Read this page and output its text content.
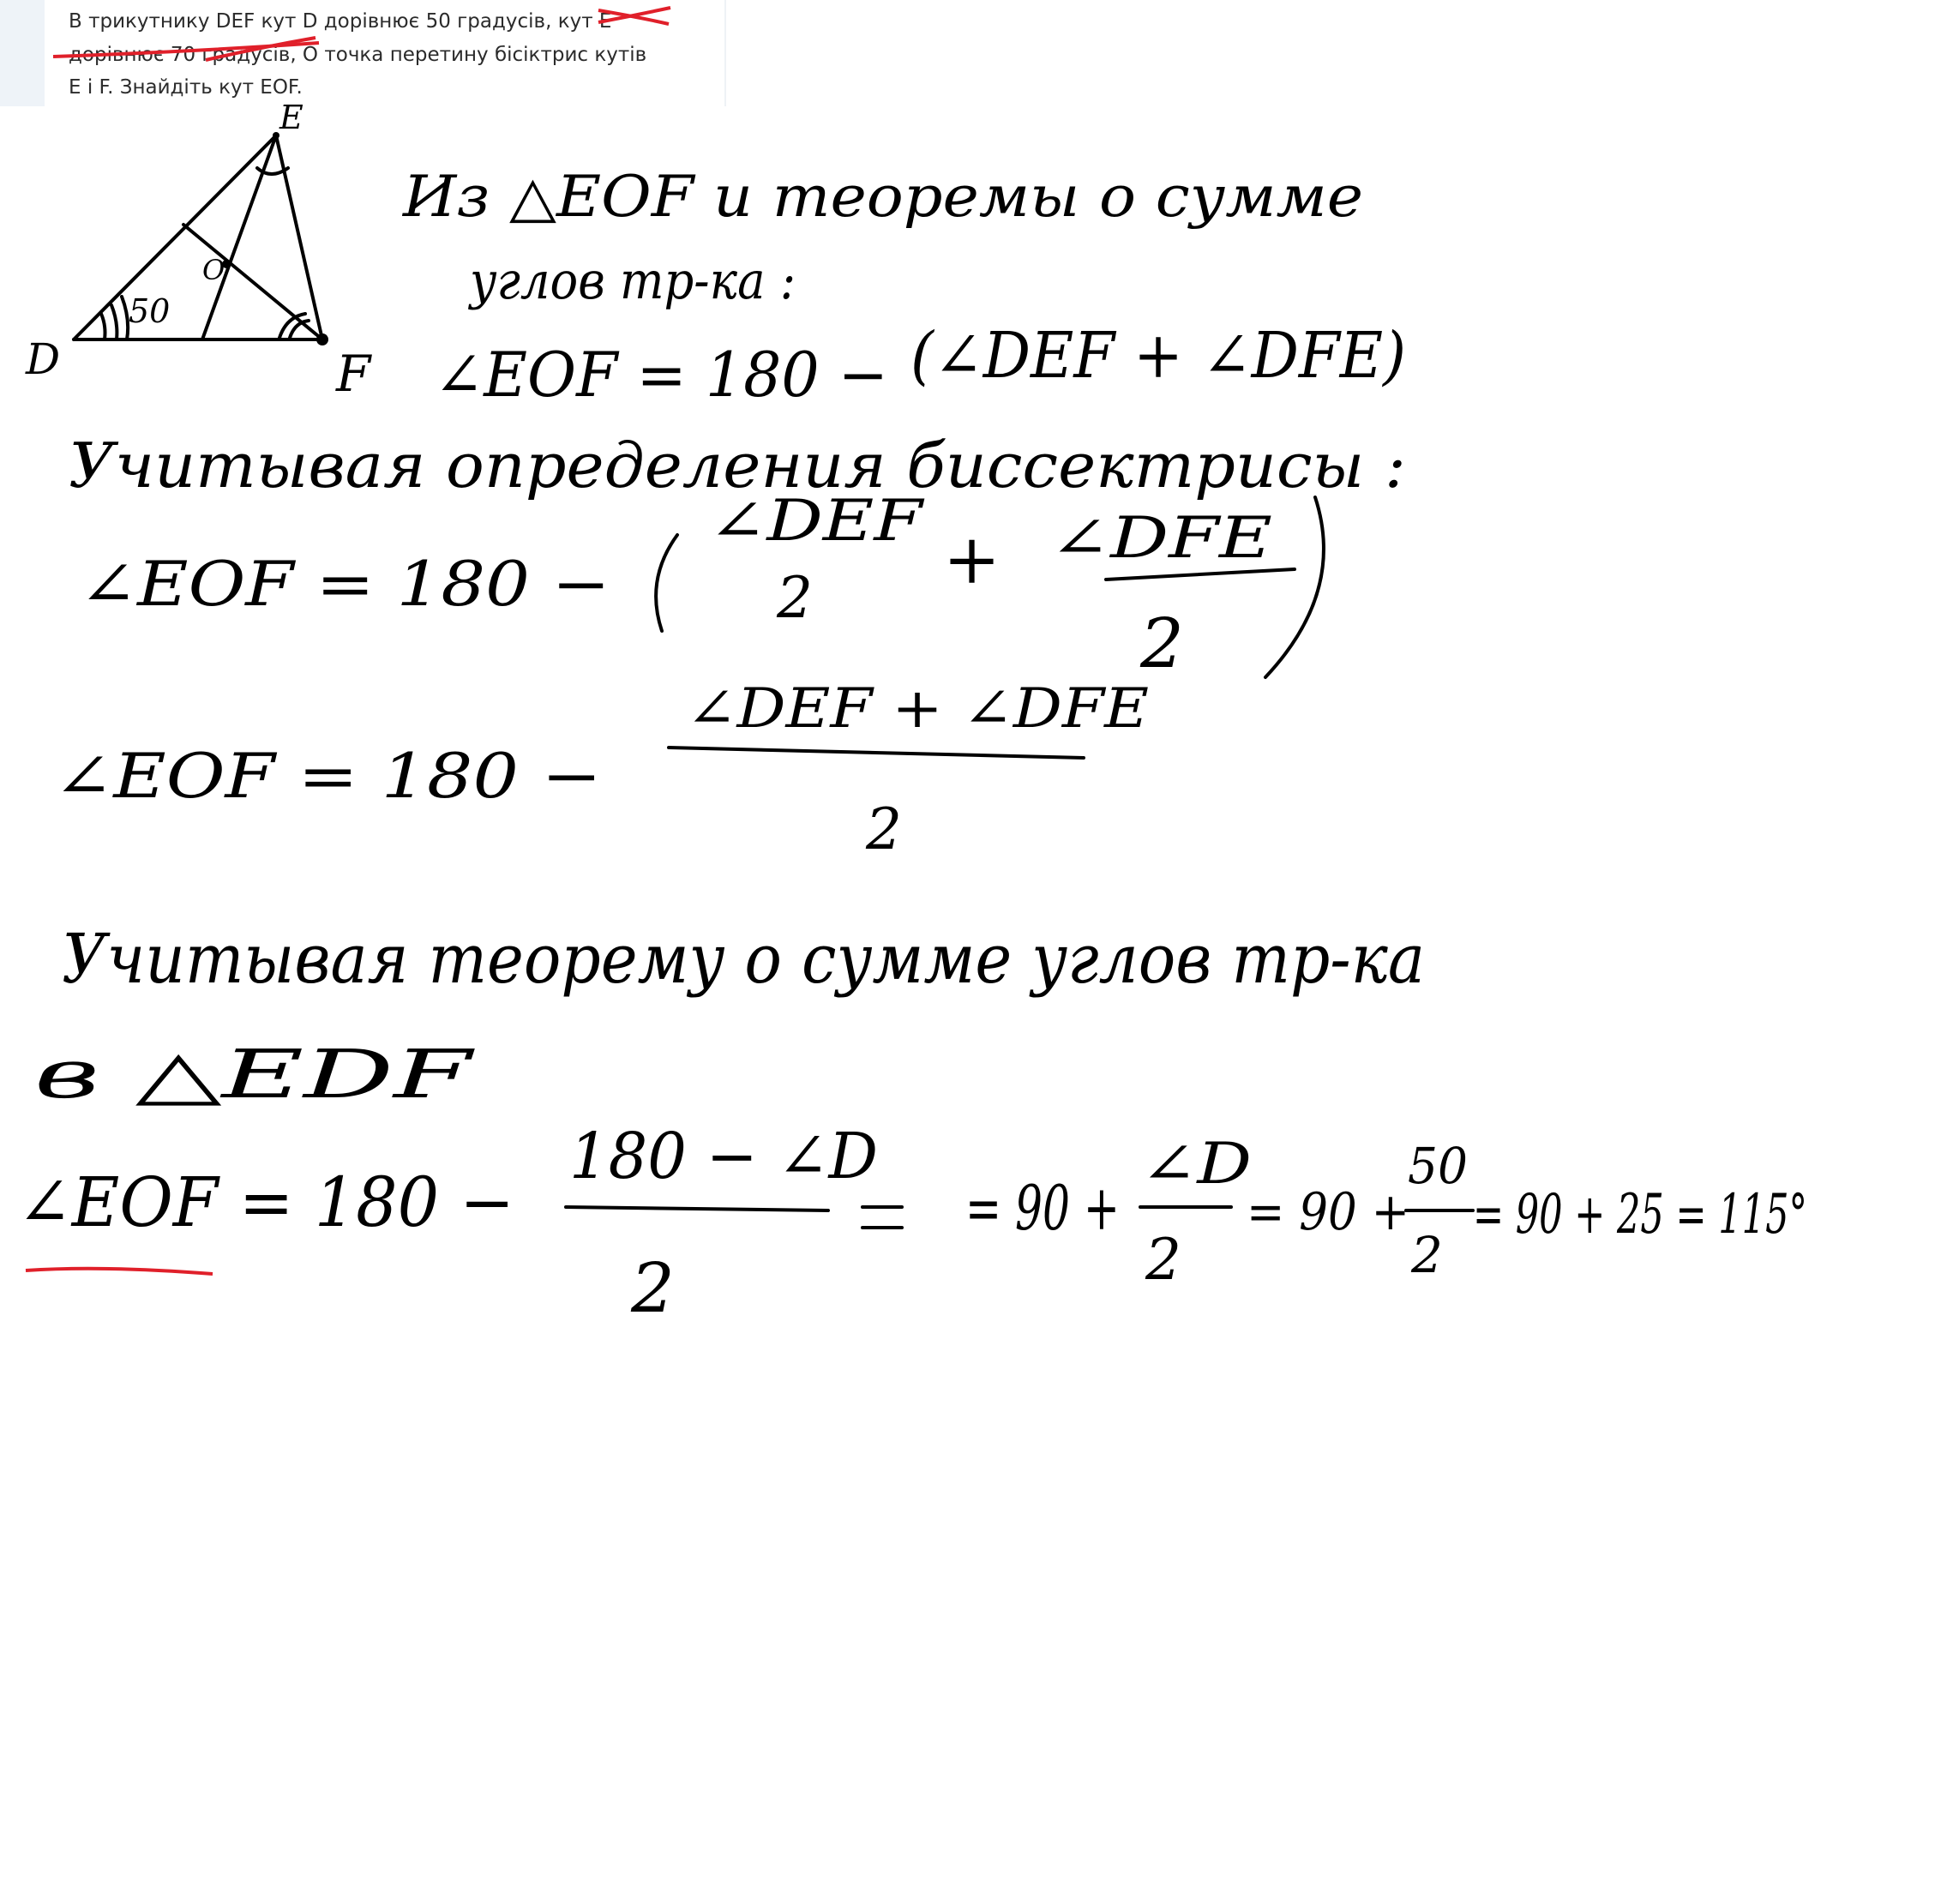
В трикутнику DEF кут D дорівнює 50 градусів, кут E
дорівнює 70 градусів, О точка перетину бісіктрис кутів
E і F. Знайдіть кут EOF.
E
D	F
O
50
Из △EOF и теоремы о сумме
углов тр-ка :
∠EOF = 180 − (∠DEF + ∠DFE)
Учитывая определения биссектрисы :
∠EOF = 180 −
∠DEF
2 + ∠DFE
2
∠EOF = 180 −
∠DEF + ∠DFE
2
Учитывая теорему о сумме углов тр-ка
в △EDF
∠EOF = 180 −
180 − ∠D
2
= 90 +
∠D
2
= 90 +
50
2
= 90 + 25 = 115°
